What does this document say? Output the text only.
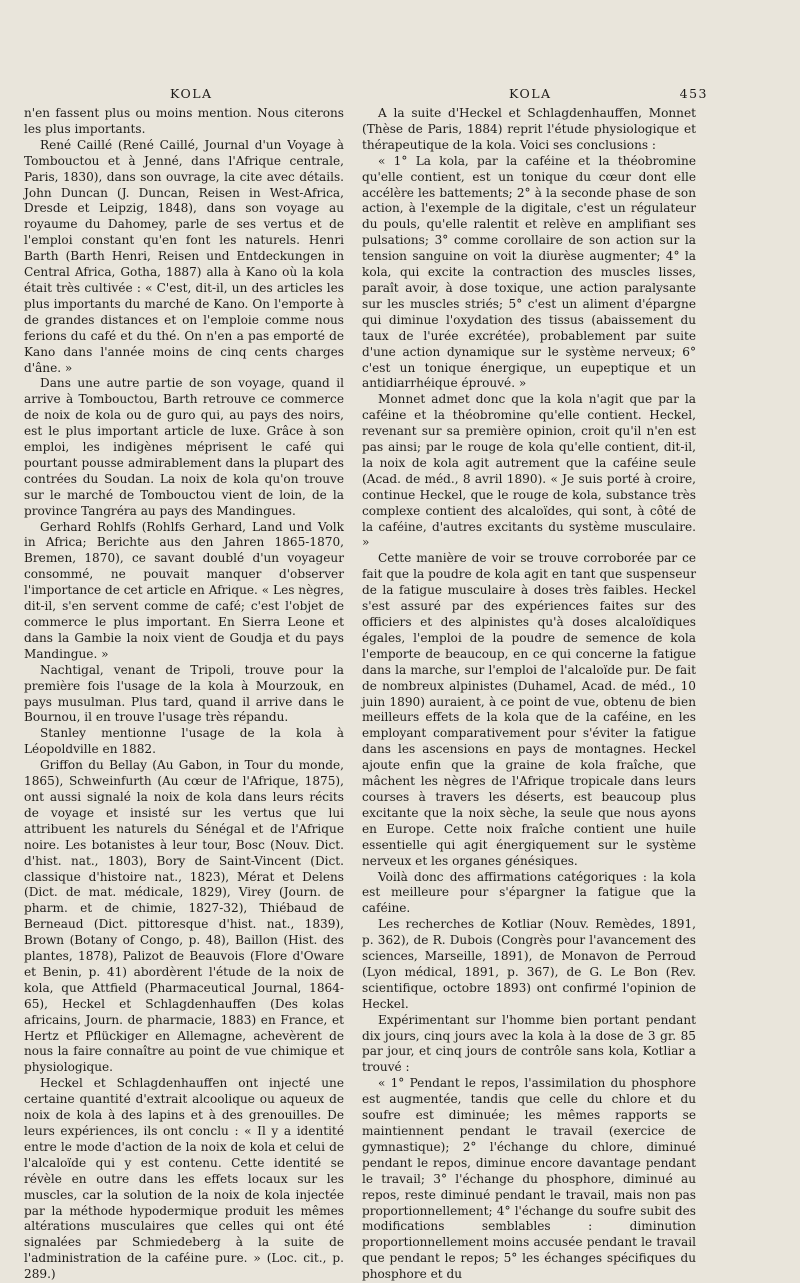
KOLA	KOLA	453

n'en fassent plus ou moins mention. Nous citerons les plus importants.

René Caillé (René Caillé, Journal d'un Voyage à Tombouctou et à Jenné, dans l'Afrique centrale, Paris, 1830), dans son ouvrage, la cite avec détails. John Duncan (J. Duncan, Reisen in West-Africa, Dresde et Leipzig, 1848), dans son voyage au royaume du Dahomey, parle de ses vertus et de l'emploi constant qu'en font les naturels. Henri Barth (Barth Henri, Reisen und Entdeckungen in Central Africa, Gotha, 1887) alla à Kano où la kola était très cultivée : « C'est, dit-il, un des articles les plus importants du marché de Kano. On l'emporte à de grandes distances et on l'emploie comme nous ferions du café et du thé. On n'en a pas emporté de Kano dans l'année moins de cinq cents charges d'âne. »

Dans une autre partie de son voyage, quand il arrive à Tombouctou, Barth retrouve ce commerce de noix de kola ou de guro qui, au pays des noirs, est le plus important article de luxe. Grâce à son emploi, les indigènes méprisent le café qui pourtant pousse admirablement dans la plupart des contrées du Soudan. La noix de kola qu'on trouve sur le marché de Tombouctou vient de loin, de la province Tangréra au pays des Mandingues.

Gerhard Rohlfs (Rohlfs Gerhard, Land und Volk in Africa; Berichte aus den Jahren 1865-1870, Bremen, 1870), ce savant doublé d'un voyageur consommé, ne pouvait manquer d'observer l'importance de cet article en Afrique. « Les nègres, dit-il, s'en servent comme de café; c'est l'objet de commerce le plus important. En Sierra Leone et dans la Gambie la noix vient de Goudja et du pays Mandingue. »

Nachtigal, venant de Tripoli, trouve pour la première fois l'usage de la kola à Mourzouk, en pays musulman. Plus tard, quand il arrive dans le Bournou, il en trouve l'usage très répandu.

Stanley mentionne l'usage de la kola à Léopoldville en 1882.

Griffon du Bellay (Au Gabon, in Tour du monde, 1865), Schweinfurth (Au cœur de l'Afrique, 1875), ont aussi signalé la noix de kola dans leurs récits de voyage et insisté sur les vertus que lui attribuent les naturels du Sénégal et de l'Afrique noire. Les botanistes à leur tour, Bosc (Nouv. Dict. d'hist. nat., 1803), Bory de Saint-Vincent (Dict. classique d'histoire nat., 1823), Mérat et Delens (Dict. de mat. médicale, 1829), Virey (Journ. de pharm. et de chimie, 1827-32), Thiébaud de Berneaud (Dict. pittoresque d'hist. nat., 1839), Brown (Botany of Congo, p. 48), Baillon (Hist. des plantes, 1878), Palizot de Beauvois (Flore d'Oware et Benin, p. 41) abordèrent l'étude de la noix de kola, que Attfield (Pharmaceutical Journal, 1864-65), Heckel et Schlagdenhauffen (Des kolas africains, Journ. de pharmacie, 1883) en France, et Hertz et Pflückiger en Allemagne, achevèrent de nous la faire connaître au point de vue chimique et physiologique.

Heckel et Schlagdenhauffen ont injecté une certaine quantité d'extrait alcoolique ou aqueux de noix de kola à des lapins et à des grenouilles. De leurs expériences, ils ont conclu : « Il y a identité entre le mode d'action de la noix de kola et celui de l'alcaloïde qui y est contenu. Cette identité se révèle en outre dans les effets locaux sur les muscles, car la solution de la noix de kola injectée par la méthode hypodermique produit les mêmes altérations musculaires que celles qui ont été signalées par Schmiedeberg à la suite de l'administration de la caféine pure. » (Loc. cit., p. 289.)

A la suite d'Heckel et Schlagdenhauffen, Monnet (Thèse de Paris, 1884) reprit l'étude physiologique et thérapeutique de la kola. Voici ses conclusions :

« 1° La kola, par la caféine et la théobromine qu'elle contient, est un tonique du cœur dont elle accélère les battements; 2° à la seconde phase de son action, à l'exemple de la digitale, c'est un régulateur du pouls, qu'elle ralentit et relève en amplifiant ses pulsations; 3° comme corollaire de son action sur la tension sanguine on voit la diurèse augmenter; 4° la kola, qui excite la contraction des muscles lisses, paraît avoir, à dose toxique, une action paralysante sur les muscles striés; 5° c'est un aliment d'épargne qui diminue l'oxydation des tissus (abaissement du taux de l'urée excrétée), probablement par suite d'une action dynamique sur le système nerveux; 6° c'est un tonique énergique, un eupeptique et un antidiarrhéique éprouvé. »

Monnet admet donc que la kola n'agit que par la caféine et la théobromine qu'elle contient. Heckel, revenant sur sa première opinion, croit qu'il n'en est pas ainsi; par le rouge de kola qu'elle contient, dit-il, la noix de kola agit autrement que la caféine seule (Acad. de méd., 8 avril 1890). « Je suis porté à croire, continue Heckel, que le rouge de kola, substance très complexe contient des alcaloïdes, qui sont, à côté de la caféine, d'autres excitants du système musculaire. »

Cette manière de voir se trouve corroborée par ce fait que la poudre de kola agit en tant que suspenseur de la fatigue musculaire à doses très faibles. Heckel s'est assuré par des expériences faites sur des officiers et des alpinistes qu'à doses alcaloïdiques égales, l'emploi de la poudre de semence de kola l'emporte de beaucoup, en ce qui concerne la fatigue dans la marche, sur l'emploi de l'alcaloïde pur. De fait de nombreux alpinistes (Duhamel, Acad. de méd., 10 juin 1890) auraient, à ce point de vue, obtenu de bien meilleurs effets de la kola que de la caféine, en les employant comparativement pour s'éviter la fatigue dans les ascensions en pays de montagnes. Heckel ajoute enfin que la graine de kola fraîche, que mâchent les nègres de l'Afrique tropicale dans leurs courses à travers les déserts, est beaucoup plus excitante que la noix sèche, la seule que nous ayons en Europe. Cette noix fraîche contient une huile essentielle qui agit énergiquement sur le système nerveux et les organes génésiques.

Voilà donc des affirmations catégoriques : la kola est meilleure pour s'épargner la fatigue que la caféine.

Les recherches de Kotliar (Nouv. Remèdes, 1891, p. 362), de R. Dubois (Congrès pour l'avancement des sciences, Marseille, 1891), de Monavon de Perroud (Lyon médical, 1891, p. 367), de G. Le Bon (Rev. scientifique, octobre 1893) ont confirmé l'opinion de Heckel.

Expérimentant sur l'homme bien portant pendant dix jours, cinq jours avec la kola à la dose de 3 gr. 85 par jour, et cinq jours de contrôle sans kola, Kotliar a trouvé :

« 1° Pendant le repos, l'assimilation du phosphore est augmentée, tandis que celle du chlore et du soufre est diminuée; les mêmes rapports se maintiennent pendant le travail (exercice de gymnastique); 2° l'échange du chlore, diminué pendant le repos, diminue encore davantage pendant le travail; 3° l'échange du phosphore, diminué au repos, reste diminué pendant le travail, mais non pas proportionnellement; 4° l'échange du soufre subit des modifications semblables : diminution proportionnellement moins accusée pendant le travail que pendant le repos; 5° les échanges spécifiques du phosphore et du
